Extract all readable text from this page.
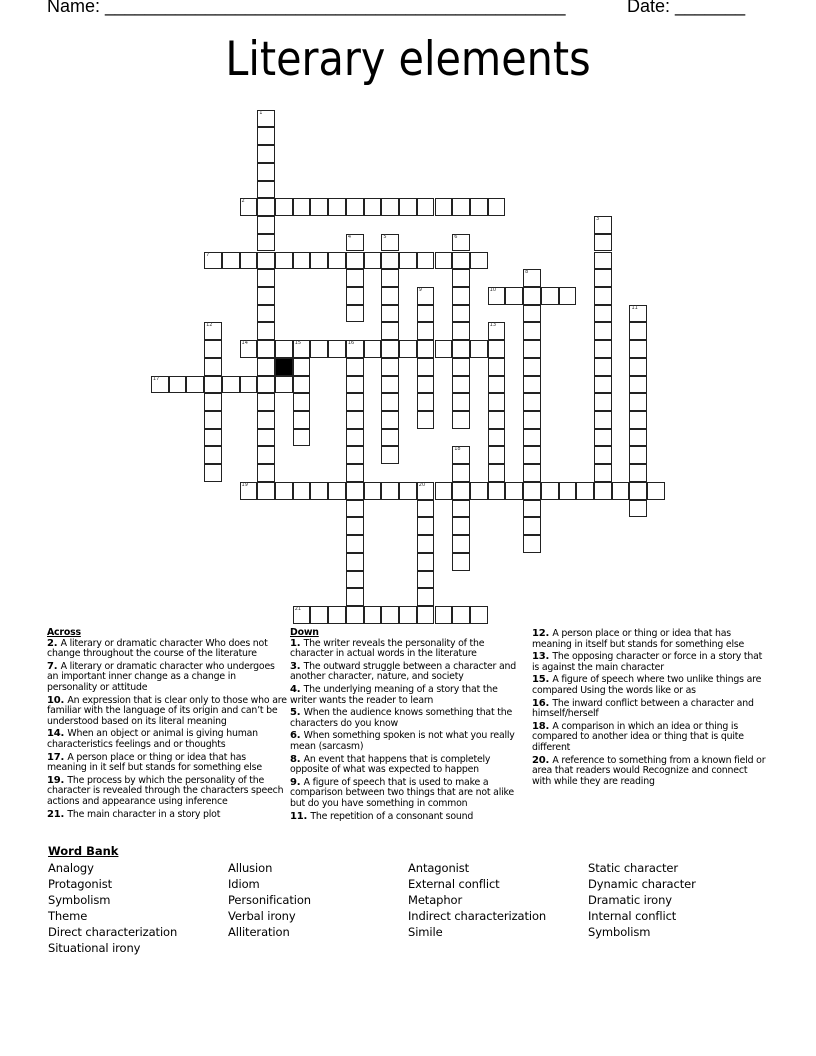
Name: ______________________________________________	Date: _______
Literary elements
1
2
3
4	5	6
7
8
9	10
11
12	13
14	15	16
17
18
19	20
21
Across
2. A literary or dramatic character Who does not change throughout the course of the literature
7. A literary or dramatic character who undergoes an important inner change as a change in personality or attitude
10. An expression that is clear only to those who are familiar with the language of its origin and can’t be understood based on its literal meaning
14. When an object or animal is giving human characteristics feelings and or thoughts
17. A person place or thing or idea that has meaning in it self but stands for something else
19. The process by which the personality of the character is revealed through the characters speech actions and appearance using inference
21. The main character in a story plot
Down
1. The writer reveals the personality of the character in actual words in the literature
3. The outward struggle between a character and another character, nature, and society
4. The underlying meaning of a story that the writer wants the reader to learn
5. When the audience knows something that the characters do you know
6. When something spoken is not what you really mean (sarcasm)
8. An event that happens that is completely opposite of what was expected to happen
9. A figure of speech that is used to make a comparison between two things that are not alike but do you have something in common
11. The repetition of a consonant sound
12. A person place or thing or idea that has meaning in itself but stands for something else
13. The opposing character or force in a story that is against the main character
15. A figure of speech where two unlike things are compared Using the words like or as
16. The inward conflict between a character and himself/herself
18. A comparison in which an idea or thing is compared to another idea or thing that is quite different
20. A reference to something from a known field or area that readers would Recognize and connect with while they are reading
Word Bank
Analogy
Protagonist
Symbolism
Theme
Direct characterization
Situational irony
Allusion
Idiom
Personification
Verbal irony
Alliteration
Antagonist
External conflict
Metaphor
Indirect characterization
Simile
Static character
Dynamic character
Dramatic irony
Internal conflict
Symbolism
